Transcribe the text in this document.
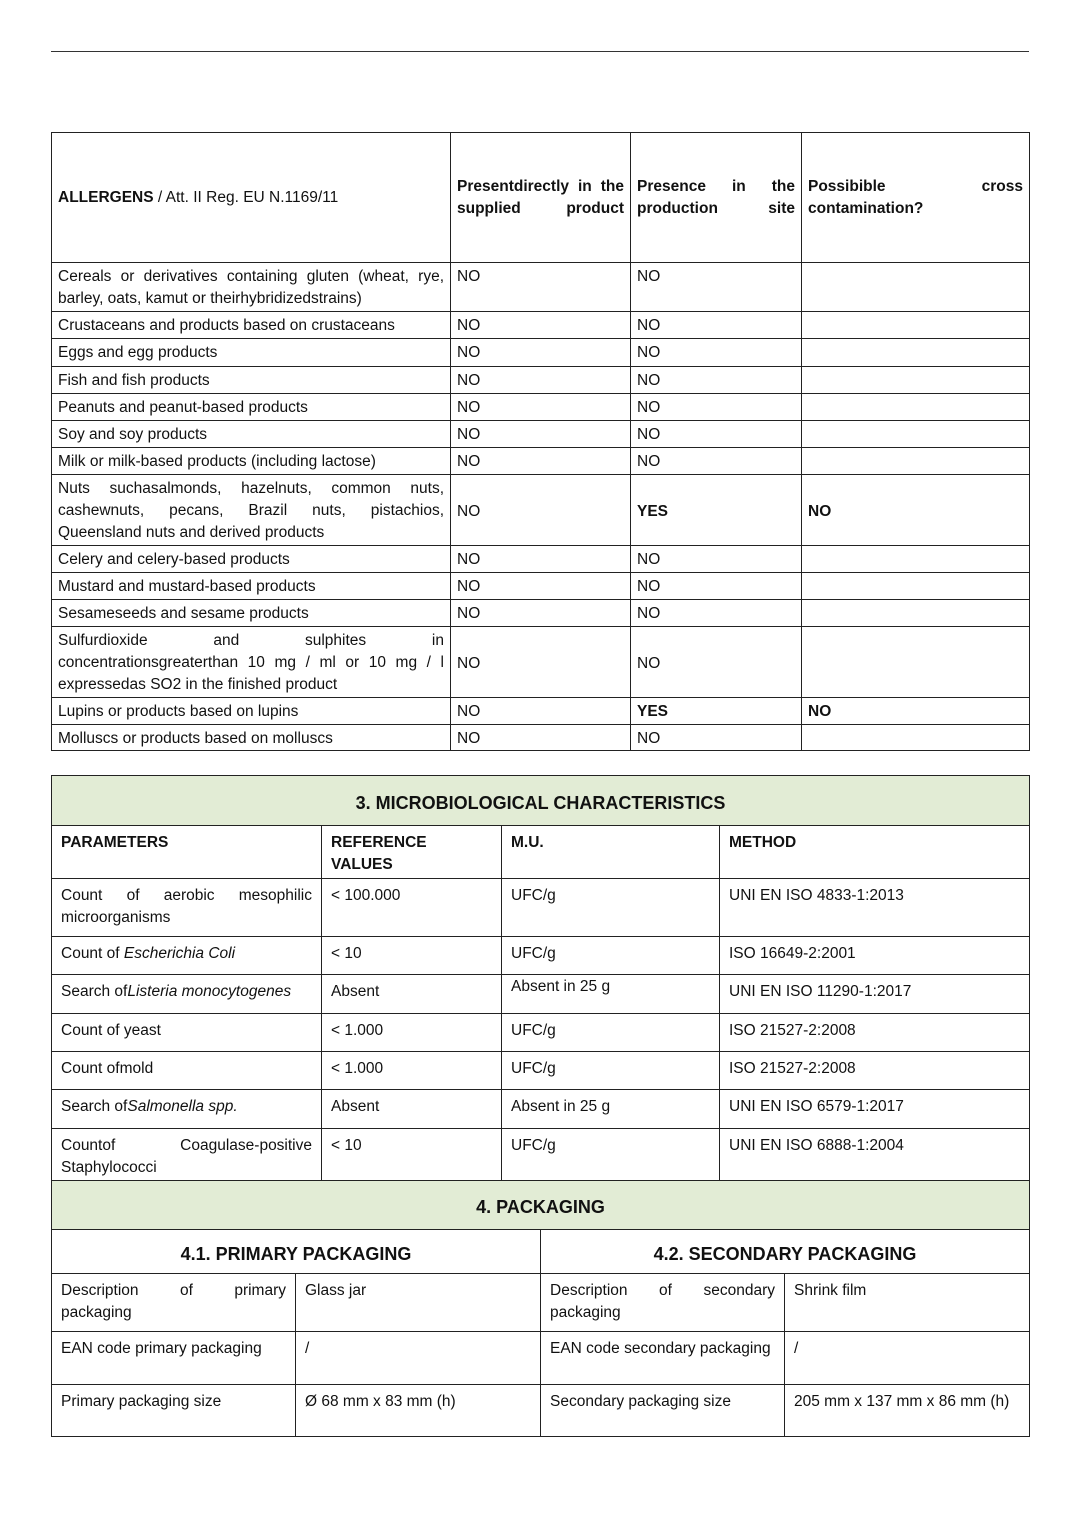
ALLERGENS / Att. II Reg. EU N.1169/11	Presentdirectly in the supplied product	Presence in the production site	Possibible cross contamination?
Cereals or derivatives containing gluten (wheat, rye, barley, oats, kamut or theirhybridizedstrains)	NO	NO	
Crustaceans and products based on crustaceans	NO	NO	
Eggs and egg products	NO	NO	
Fish and fish products	NO	NO	
Peanuts and peanut-based products	NO	NO	
Soy and soy products	NO	NO	
Milk or milk-based products (including lactose)	NO	NO	
Nuts suchasalmonds, hazelnuts, common nuts, cashewnuts, pecans, Brazil nuts, pistachios, Queensland nuts and derived products	NO	YES	NO
Celery and celery-based products	NO	NO	
Mustard and mustard-based products	NO	NO	
Sesameseeds and sesame products	NO	NO	
Sulfurdioxide and sulphites in concentrationsgreaterthan 10 mg / ml or 10 mg / l expressedas SO2 in the finished product	NO	NO	
Lupins or products based on lupins	NO	YES	NO
Molluscs or products based on molluscs	NO	NO	
3. MICROBIOLOGICAL CHARACTERISTICS			
PARAMETERS	REFERENCE VALUES	M.U.	METHOD
Count of aerobic mesophilic microorganisms	< 100.000	UFC/g	UNI EN ISO 4833-1:2013
Count of Escherichia Coli	< 10	UFC/g	ISO 16649-2:2001
Search ofListeria monocytogenes	Absent	Absent in 25 g	UNI EN ISO 11290-1:2017
Count of yeast	< 1.000	UFC/g	ISO 21527-2:2008
Count ofmold	< 1.000	UFC/g	ISO 21527-2:2008
Search ofSalmonella spp.	Absent	Absent in 25 g	UNI EN ISO 6579-1:2017
Countof Coagulase-positive Staphylococci	< 10	UFC/g	UNI EN ISO 6888-1:2004
4. PACKAGING			
4.1. PRIMARY PACKAGING		4.2. SECONDARY PACKAGING	
Description of primary packaging	Glass jar	Description of secondary packaging	Shrink film
EAN code primary packaging	/	EAN code secondary packaging	/
Primary packaging size	Ø 68 mm x 83 mm (h)	Secondary packaging size	205 mm x 137 mm x 86 mm (h)
